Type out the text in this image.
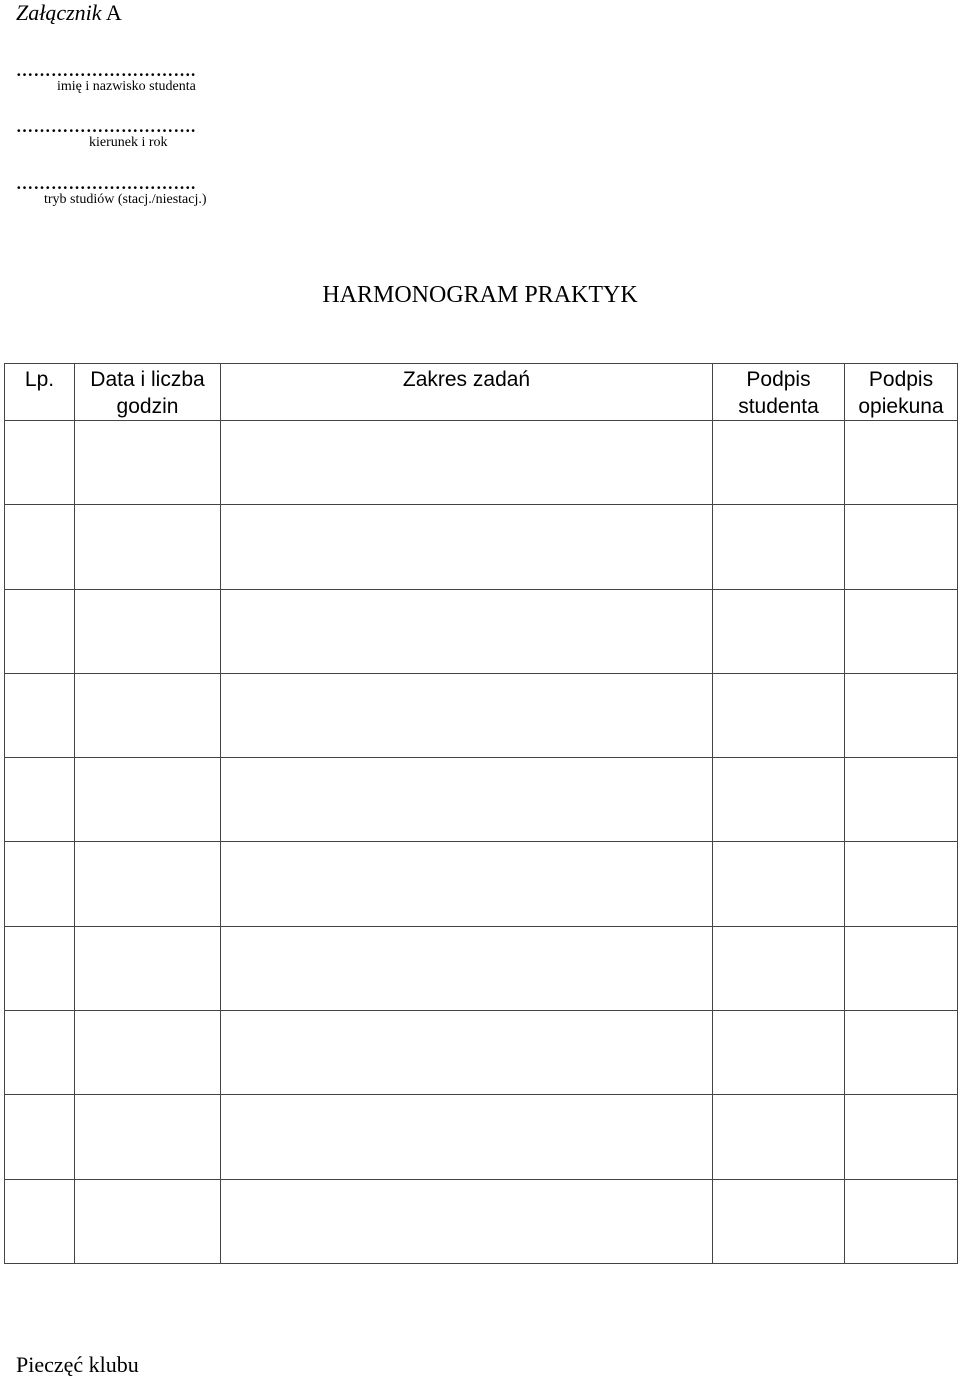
Załącznik A
………………………….
imię i nazwisko studenta
………………………….
kierunek i rok
………………………….
tryb studiów (stacj./niestacj.)
HARMONOGRAM PRAKTYK
Lp.	Data i liczba godzin	Zakres zadań	Podpis studenta	Podpis opiekuna

Pieczęć klubu
